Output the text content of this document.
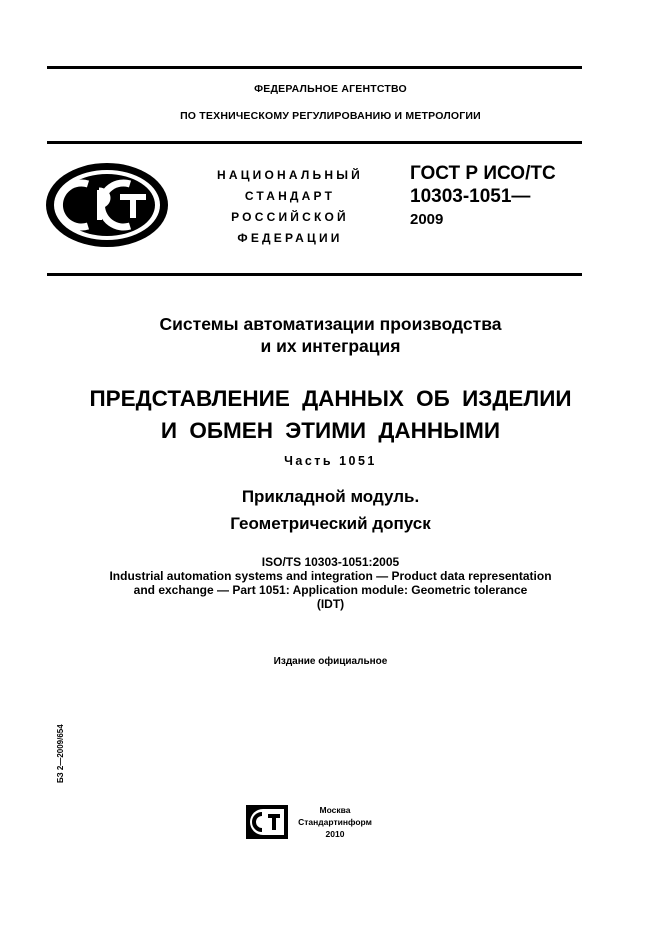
ФЕДЕРАЛЬНОЕ АГЕНТСТВО
ПО ТЕХНИЧЕСКОМУ РЕГУЛИРОВАНИЮ И МЕТРОЛОГИИ
НАЦИОНАЛЬНЫЙ
СТАНДАРТ
РОССИЙСКОЙ
ФЕДЕРАЦИИ
ГОСТ Р ИСО/ТС
10303-1051—
2009
Системы автоматизации производства
и их интеграция
ПРЕДСТАВЛЕНИЕ ДАННЫХ ОБ ИЗДЕЛИИ
И ОБМЕН ЭТИМИ ДАННЫМИ
Часть 1051
Прикладной модуль.
Геометрический допуск
ISO/TS 10303-1051:2005
Industrial automation systems and integration — Product data representation
and exchange — Part 1051: Application module: Geometric tolerance
(IDT)
Издание официальное
БЗ 2—2009/654
Москва
Стандартинформ
2010
